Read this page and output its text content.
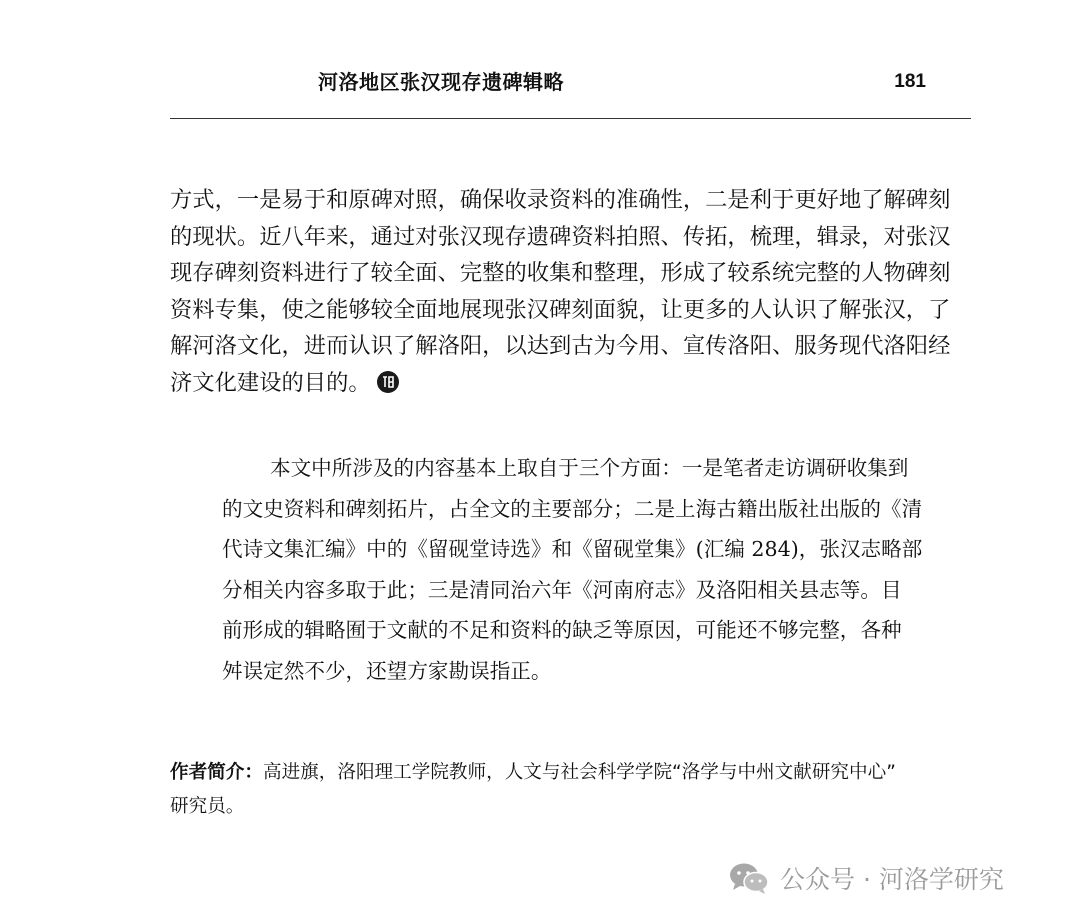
河洛地区张汉现存遗碑辑略	181
方式，一是易于和原碑对照，确保收录资料的准确性，二是利于更好地了解碑刻
的现状。近八年来，通过对张汉现存遗碑资料拍照、传拓，梳理，辑录，对张汉
现存碑刻资料进行了较全面、完整的收集和整理，形成了较系统完整的人物碑刻
资料专集，使之能够较全面地展现张汉碑刻面貌，让更多的人认识了解张汉，了
解河洛文化，进而认识了解洛阳，以达到古为今用、宣传洛阳、服务现代洛阳经
济文化建设的目的。
本文中所涉及的内容基本上取自于三个方面：一是笔者走访调研收集到
的文史资料和碑刻拓片，占全文的主要部分；二是上海古籍出版社出版的《清
代诗文集汇编》中的《留砚堂诗选》和《留砚堂集》(汇编 284)，张汉志略部
分相关内容多取于此；三是清同治六年《河南府志》及洛阳相关县志等。目
前形成的辑略囿于文献的不足和资料的缺乏等原因，可能还不够完整，各种
舛误定然不少，还望方家勘误指正。
作者简介：高进旗，洛阳理工学院教师，人文与社会科学学院“洛学与中州文献研究中心”
研究员。
公众号 · 河洛学研究
